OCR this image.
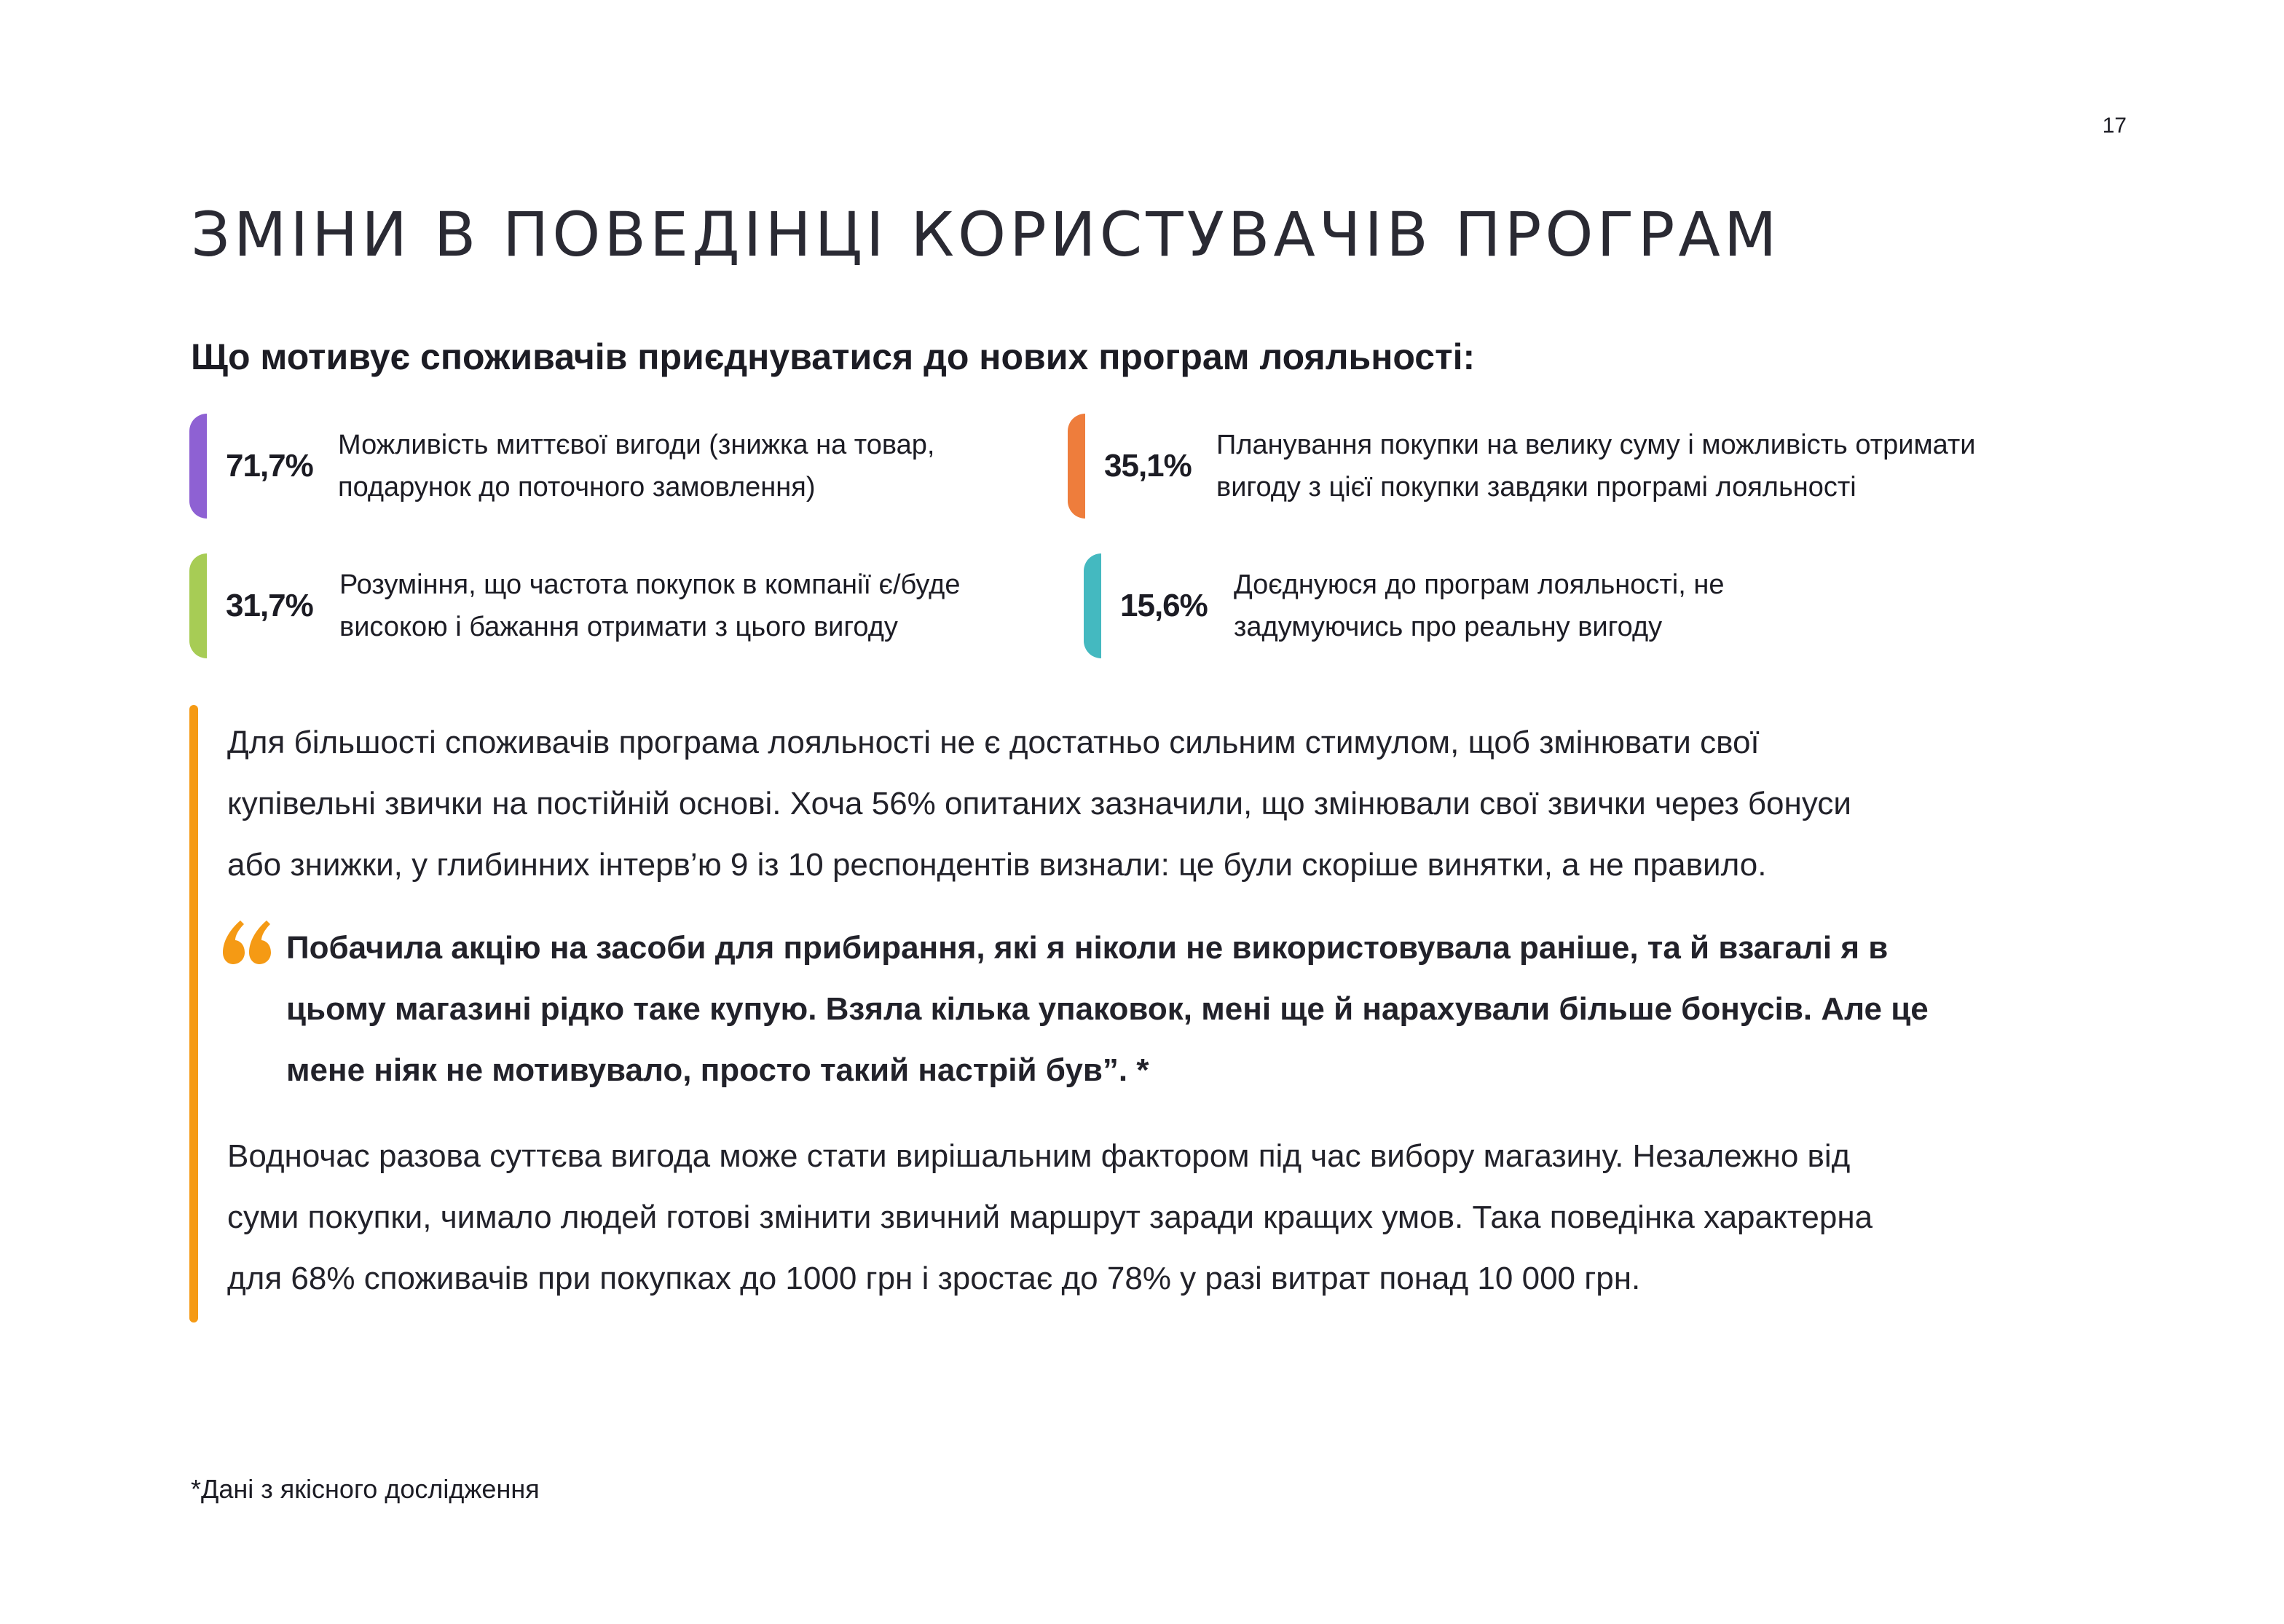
17
ЗМІНИ В ПОВЕДІНЦІ КОРИСТУВАЧІВ ПРОГРАМ
Що мотивує споживачів приєднуватися до нових програм лояльності:
71,7%
Можливість миттєвої вигоди (знижка на товар,
подарунок до поточного замовлення)
35,1%
Планування покупки на велику суму і можливість отримати
вигоду з цієї покупки завдяки програмі лояльності
31,7%
Розуміння, що частота покупок в компанії є/буде
високою і бажання отримати з цього вигоду
15,6%
Доєднуюся до програм лояльності, не
задумуючись про реальну вигоду
Для більшості споживачів програма лояльності не є достатньо сильним стимулом, щоб змінювати свої
купівельні звички на постійній основі. Хоча 56% опитаних зазначили, що змінювали свої звички через бонуси
або знижки, у глибинних інтерв’ю 9 із 10 респондентів визнали: це були скоріше винятки, а не правило.
Побачила акцію на засоби для прибирання, які я ніколи не використовувала раніше, та й взагалі я в
цьому магазині рідко таке купую. Взяла кілька упаковок, мені ще й нарахували більше бонусів. Але це
мене ніяк не мотивувало, просто такий настрій був”. *
Водночас разова суттєва вигода може стати вирішальним фактором під час вибору магазину. Незалежно від
суми покупки, чимало людей готові змінити звичний маршрут заради кращих умов. Така поведінка характерна
для 68% споживачів при покупках до 1000 грн і зростає до 78% у разі витрат понад 10 000 грн.
*Дані з якісного дослідження
